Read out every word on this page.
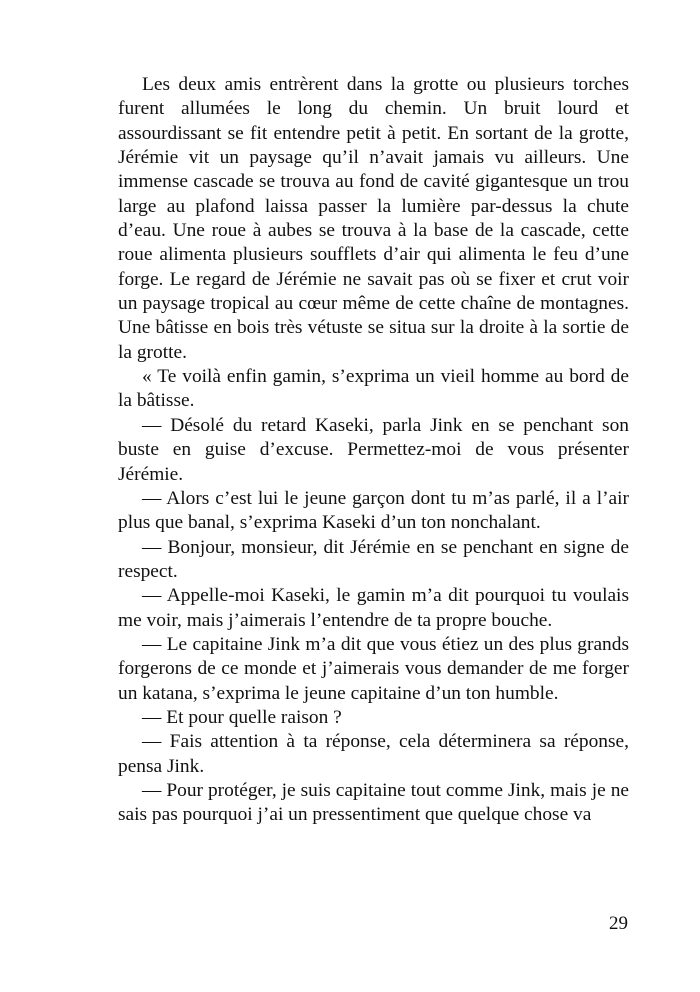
Les deux amis entrèrent dans la grotte ou plusieurs torches furent allumées le long du chemin. Un bruit lourd et assourdissant se fit entendre petit à petit. En sortant de la grotte, Jérémie vit un paysage qu’il n’avait jamais vu ailleurs. Une immense cascade se trouva au fond de cavité gigantesque un trou large au plafond laissa passer la lumière par-dessus la chute d’eau. Une roue à aubes se trouva à la base de la cascade, cette roue alimenta plusieurs soufflets d’air qui alimenta le feu d’une forge. Le regard de Jérémie ne savait pas où se fixer et crut voir un paysage tropical au cœur même de cette chaîne de montagnes. Une bâtisse en bois très vétuste se situa sur la droite à la sortie de la grotte.

« Te voilà enfin gamin, s’exprima un vieil homme au bord de la bâtisse.

— Désolé du retard Kaseki, parla Jink en se penchant son buste en guise d’excuse. Permettez-moi de vous présenter Jérémie.

— Alors c’est lui le jeune garçon dont tu m’as parlé, il a l’air plus que banal, s’exprima Kaseki d’un ton nonchalant.

— Bonjour, monsieur, dit Jérémie en se penchant en signe de respect.

— Appelle-moi Kaseki, le gamin m’a dit pourquoi tu voulais me voir, mais j’aimerais l’entendre de ta propre bouche.

— Le capitaine Jink m’a dit que vous étiez un des plus grands forgerons de ce monde et j’aimerais vous demander de me forger un katana, s’exprima le jeune capitaine d’un ton humble.

— Et pour quelle raison ?

— Fais attention à ta réponse, cela déterminera sa réponse, pensa Jink.

— Pour protéger, je suis capitaine tout comme Jink, mais je ne sais pas pourquoi j’ai un pressentiment que quelque chose va

29
